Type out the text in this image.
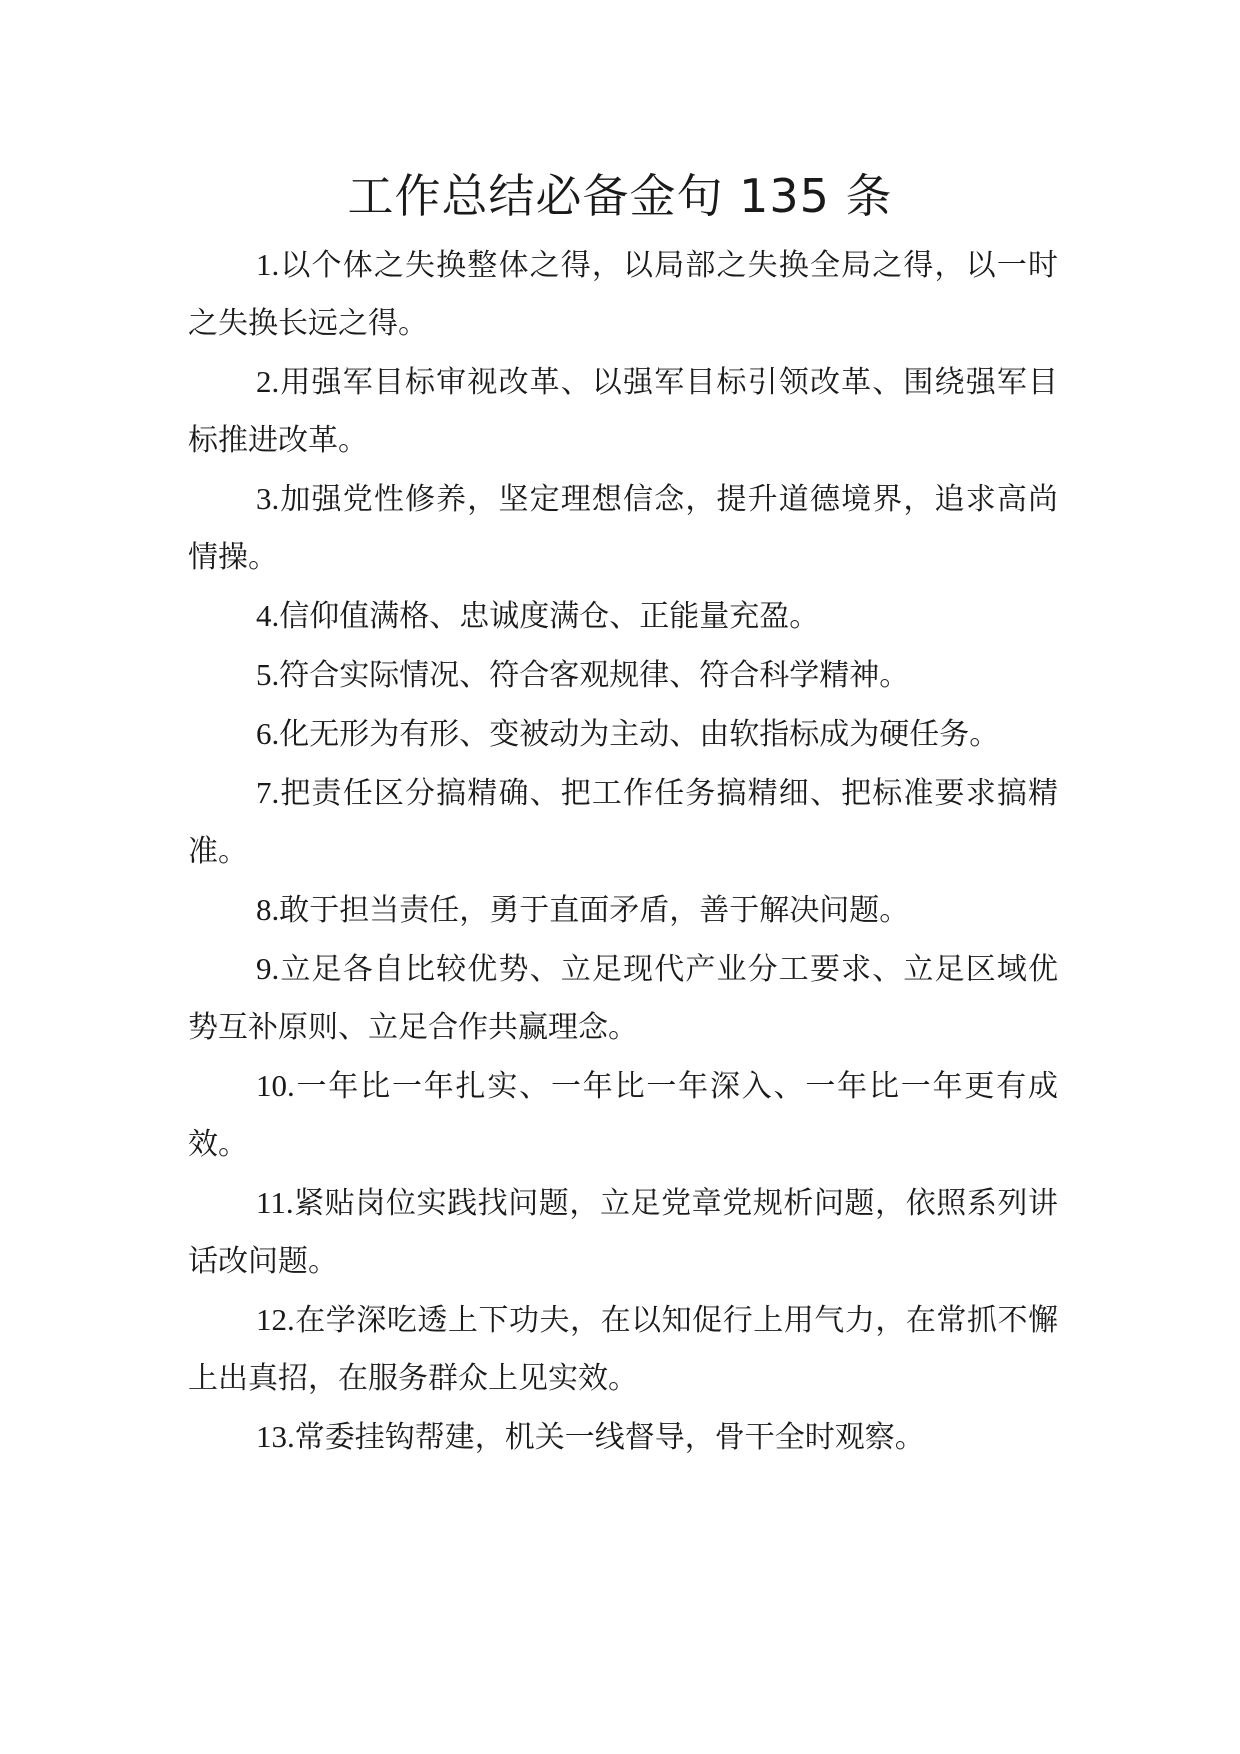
工作总结必备金句 135 条

1.以个体之失换整体之得，以局部之失换全局之得，以一时之失换长远之得。

2.用强军目标审视改革、以强军目标引领改革、围绕强军目标推进改革。

3.加强党性修养，坚定理想信念，提升道德境界，追求高尚情操。

4.信仰值满格、忠诚度满仓、正能量充盈。

5.符合实际情况、符合客观规律、符合科学精神。

6.化无形为有形、变被动为主动、由软指标成为硬任务。

7.把责任区分搞精确、把工作任务搞精细、把标准要求搞精准。

8.敢于担当责任，勇于直面矛盾，善于解决问题。

9.立足各自比较优势、立足现代产业分工要求、立足区域优势互补原则、立足合作共赢理念。

10.一年比一年扎实、一年比一年深入、一年比一年更有成效。

11.紧贴岗位实践找问题，立足党章党规析问题，依照系列讲话改问题。

12.在学深吃透上下功夫，在以知促行上用气力，在常抓不懈上出真招，在服务群众上见实效。

13.常委挂钩帮建，机关一线督导，骨干全时观察。
